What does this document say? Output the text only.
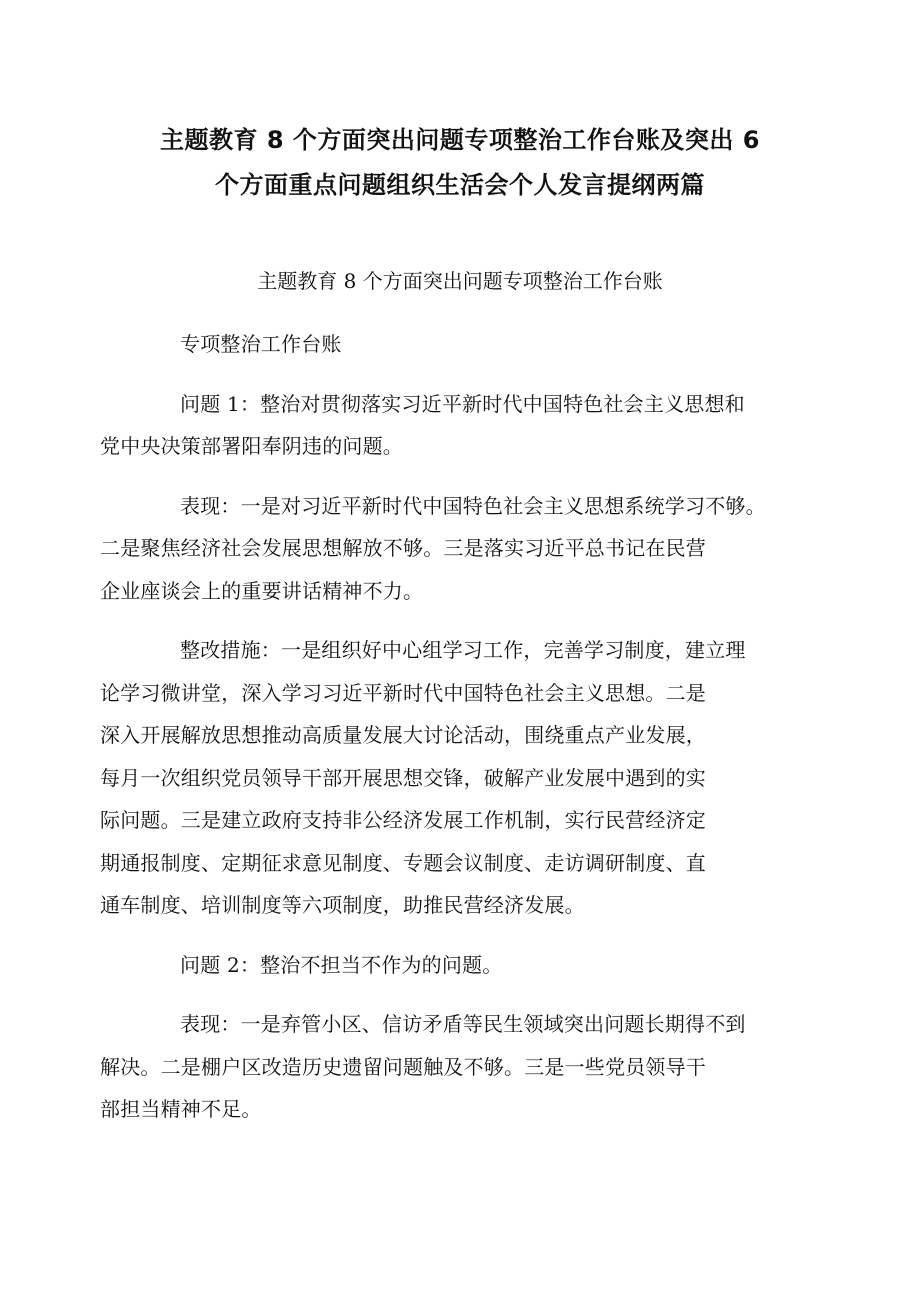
主题教育 8 个方面突出问题专项整治工作台账及突出 6
个方面重点问题组织生活会个人发言提纲两篇
主题教育 8 个方面突出问题专项整治工作台账

专项整治工作台账

问题 1：整治对贯彻落实习近平新时代中国特色社会主义思想和
党中央决策部署阳奉阴违的问题。

表现：一是对习近平新时代中国特色社会主义思想系统学习不够。
二是聚焦经济社会发展思想解放不够。三是落实习近平总书记在民营
企业座谈会上的重要讲话精神不力。

整改措施：一是组织好中心组学习工作，完善学习制度，建立理
论学习微讲堂，深入学习习近平新时代中国特色社会主义思想。二是
深入开展解放思想推动高质量发展大讨论活动，围绕重点产业发展，
每月一次组织党员领导干部开展思想交锋，破解产业发展中遇到的实
际问题。三是建立政府支持非公经济发展工作机制，实行民营经济定
期通报制度、定期征求意见制度、专题会议制度、走访调研制度、直
通车制度、培训制度等六项制度，助推民营经济发展。

问题 2：整治不担当不作为的问题。

表现：一是弃管小区、信访矛盾等民生领域突出问题长期得不到
解决。二是棚户区改造历史遗留问题触及不够。三是一些党员领导干
部担当精神不足。
